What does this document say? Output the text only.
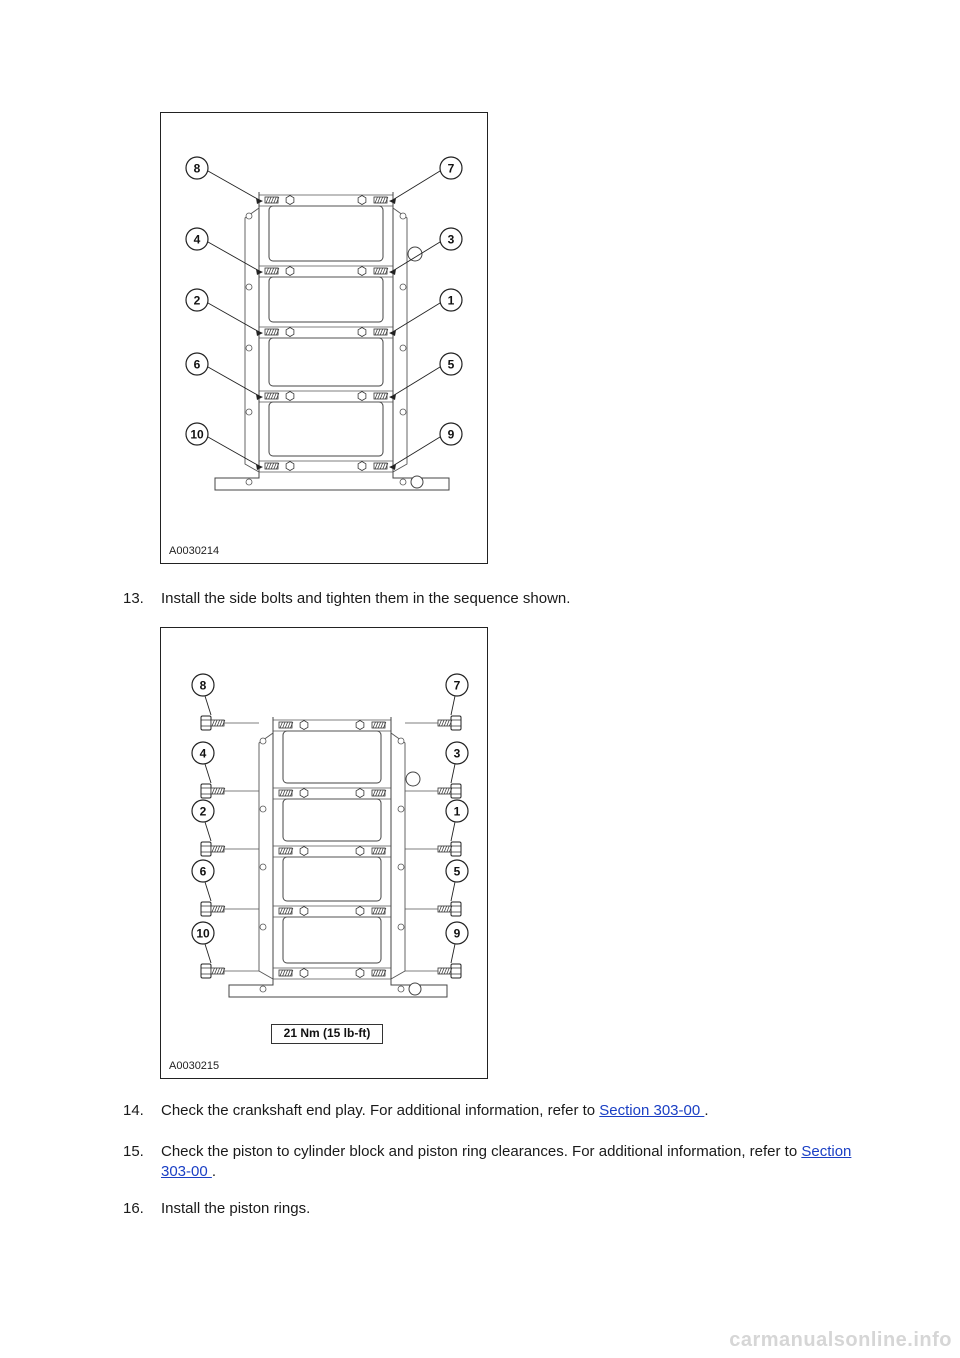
8	7
4	3
2	1
6	5
10	9
A0030214
13. Install the side bolts and tighten them in the sequence shown.
8	7
4	3
2	1
6	5
10	9
21 Nm (15 lb-ft)
A0030215
14. Check the crankshaft end play. For additional information, refer to Section 303-00 .
15. Check the piston to cylinder block and piston ring clearances. For additional information, refer to Section 303-00 .
16. Install the piston rings.
carmanualsonline.info
